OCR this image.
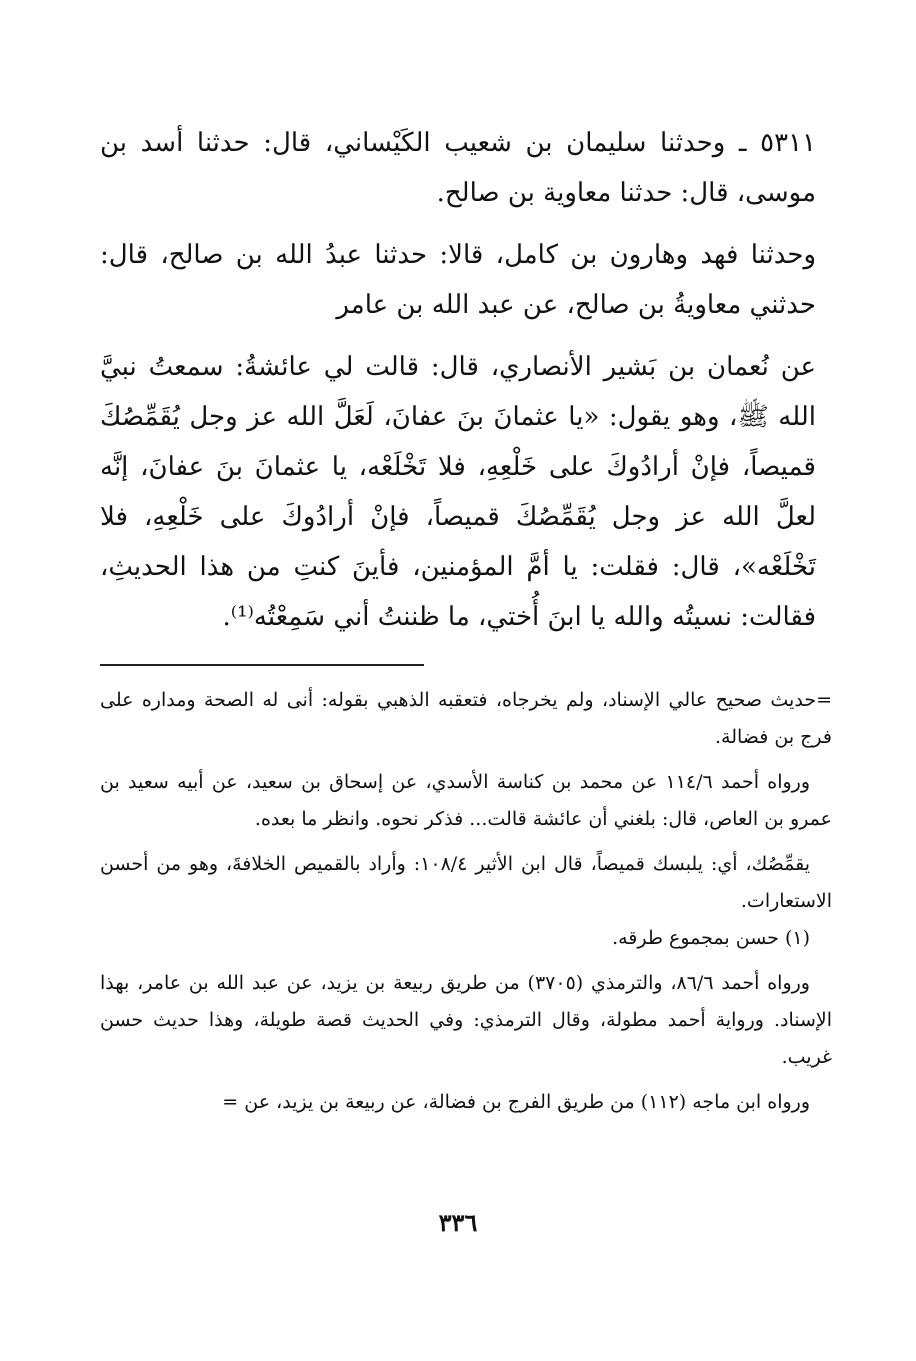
٥٣١١ ـ وحدثنا سليمان بن شعيب الكَيْساني، قال: حدثنا أسد بن موسى، قال: حدثنا معاوية بن صالح.

وحدثنا فهد وهارون بن كامل، قالا: حدثنا عبدُ الله بن صالح، قال: حدثني معاويةُ بن صالح، عن عبد الله بن عامر

عن نُعمان بن بَشير الأنصاري، قال: قالت لي عائشةُ: سمعتُ نبيَّ الله ﷺ، وهو يقول: «يا عثمانَ بنَ عفانَ، لَعَلَّ الله عز وجل يُقَمِّصُكَ قميصاً، فإنْ أرادُوكَ على خَلْعِهِ، فلا تَخْلَعْه، يا عثمانَ بنَ عفانَ، إنَّه لعلَّ الله عز وجل يُقَمِّصُكَ قميصاً، فإنْ أرادُوكَ على خَلْعِهِ، فلا تَخْلَعْه»، قال: فقلت: يا أمَّ المؤمنين، فأينَ كنتِ من هذا الحديثِ، فقالت: نسيتُه والله يا ابنَ أُختي، ما ظننتُ أني سَمِعْتُه⁽¹⁾.

=حديث صحيح عالي الإسناد، ولم يخرجاه، فتعقبه الذهبي بقوله: أنى له الصحة ومداره على فرج بن فضالة.

ورواه أحمد ١١٤/٦ عن محمد بن كناسة الأسدي، عن إسحاق بن سعيد، عن أبيه سعيد بن عمرو بن العاص، قال: بلغني أن عائشة قالت... فذكر نحوه. وانظر ما بعده.

يقمِّصُك، أي: يلبسك قميصاً، قال ابن الأثير ١٠٨/٤: وأراد بالقميص الخلافةَ، وهو من أحسن الاستعارات.

(١) حسن بمجموع طرقه.

ورواه أحمد ٨٦/٦، والترمذي (٣٧٠٥) من طريق ربيعة بن يزيد، عن عبد الله بن عامر، بهذا الإسناد. ورواية أحمد مطولة، وقال الترمذي: وفي الحديث قصة طويلة، وهذا حديث حسن غريب.

ورواه ابن ماجه (١١٢) من طريق الفرج بن فضالة، عن ربيعة بن يزيد، عن =

٣٣٦
